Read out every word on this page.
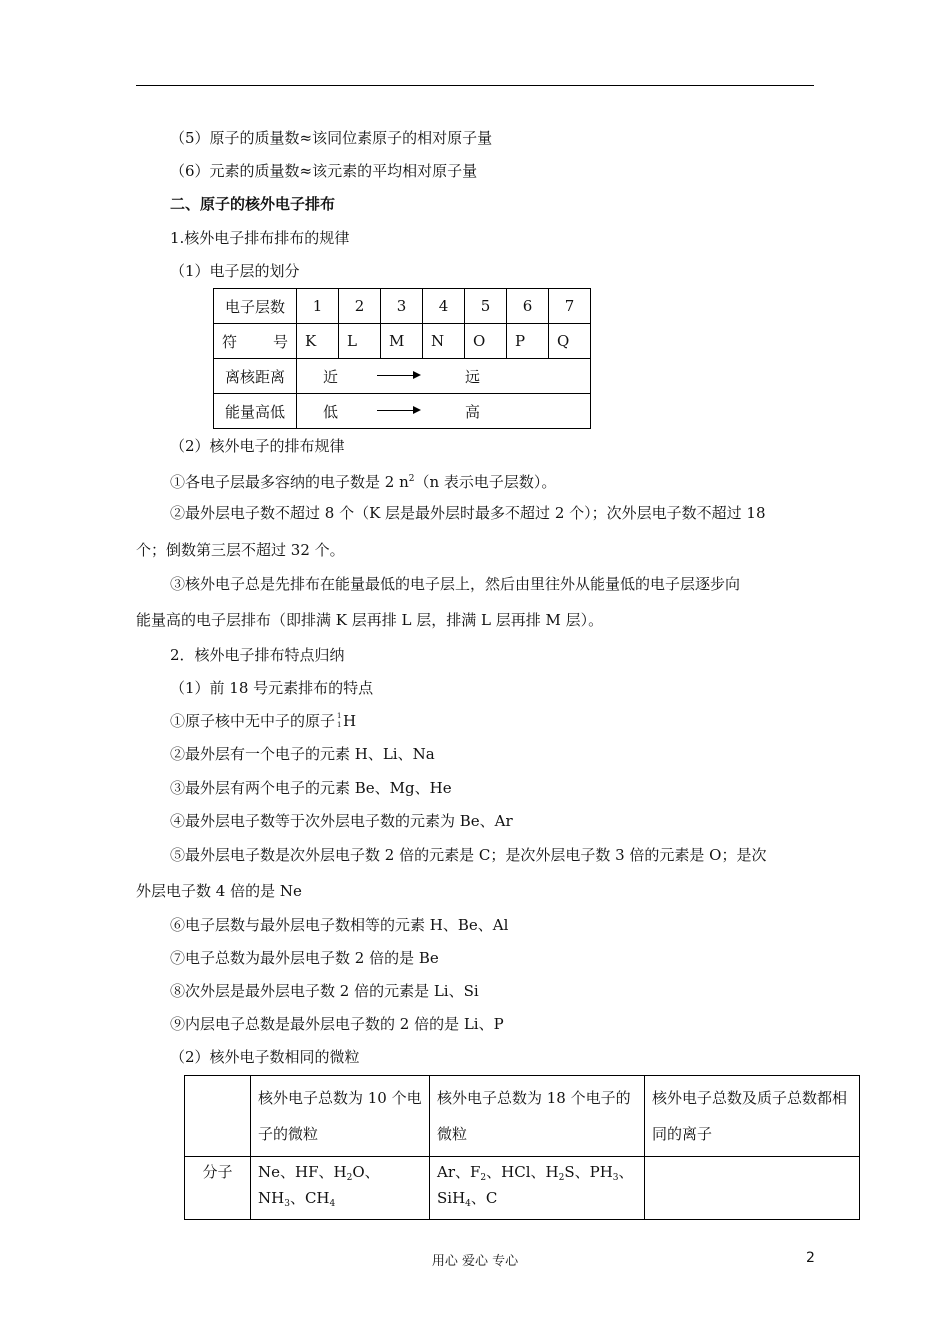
（5）原子的质量数≈该同位素原子的相对原子量
（6）元素的质量数≈该元素的平均相对原子量
二、原子的核外电子排布
1.核外电子排布排布的规律
（1）电子层的划分
电子层数	1	2	3	4	5	6	7

符 号	K	L	M	N	O	P	Q
离核距离	近 远						

能量高低	低 高						
（2）核外电子的排布规律
①各电子层最多容纳的电子数是 2 $n^2(n$ 表示电子层数）。
②最外层电子数不超过 8 个（K 层是最外层时最多不超过 2 个）；次外层电子数不超过 18
个；倒数第三层不超过 32 个。
③核外电子总是先排布在能量最低的电子层上，然后由里往外从能量低的电子层逐步向
能量高的电子层排布（即排满 K 层再排 L 层，排满 L 层再排 M 层）。
2．核外电子排布特点归纳
（1）前 18 号元素排布的特点
①原子核中无中子的原子 1
1 H
②最外层有一个电子的元素 H、Li、Na
③最外层有两个电子的元素 Be、Mg、He
④最外层电子数等于次外层电子数的元素为 Be、Ar
⑤最外层电子数是次外层电子数 2 倍的元素是 C；是次外层电子数 3 倍的元素是 O；是次
外层电子数 4 倍的是 Ne
⑥电子层数与最外层电子数相等的元素 H、Be、Al
⑦电子总数为最外层电子数 2 倍的是 Be
⑧次外层是最外层电子数 2 倍的元素是 Li、Si
⑨内层电子总数是最外层电子数的 2 倍的是 Li、P
（2）核外电子数相同的微粒
	核外电子总数为 10 个电子的微粒	核外电子总数为 18 个电子的微粒	核外电子总数及质子总数都相同的离子
分子	Ne、HF、$H_2O$、$NH_3$、$CH_4$	Ar、$F_2$、HCl、$H_2S$、$PH_3$、SiH$_4$、C	
用心 爱心 专心	2
